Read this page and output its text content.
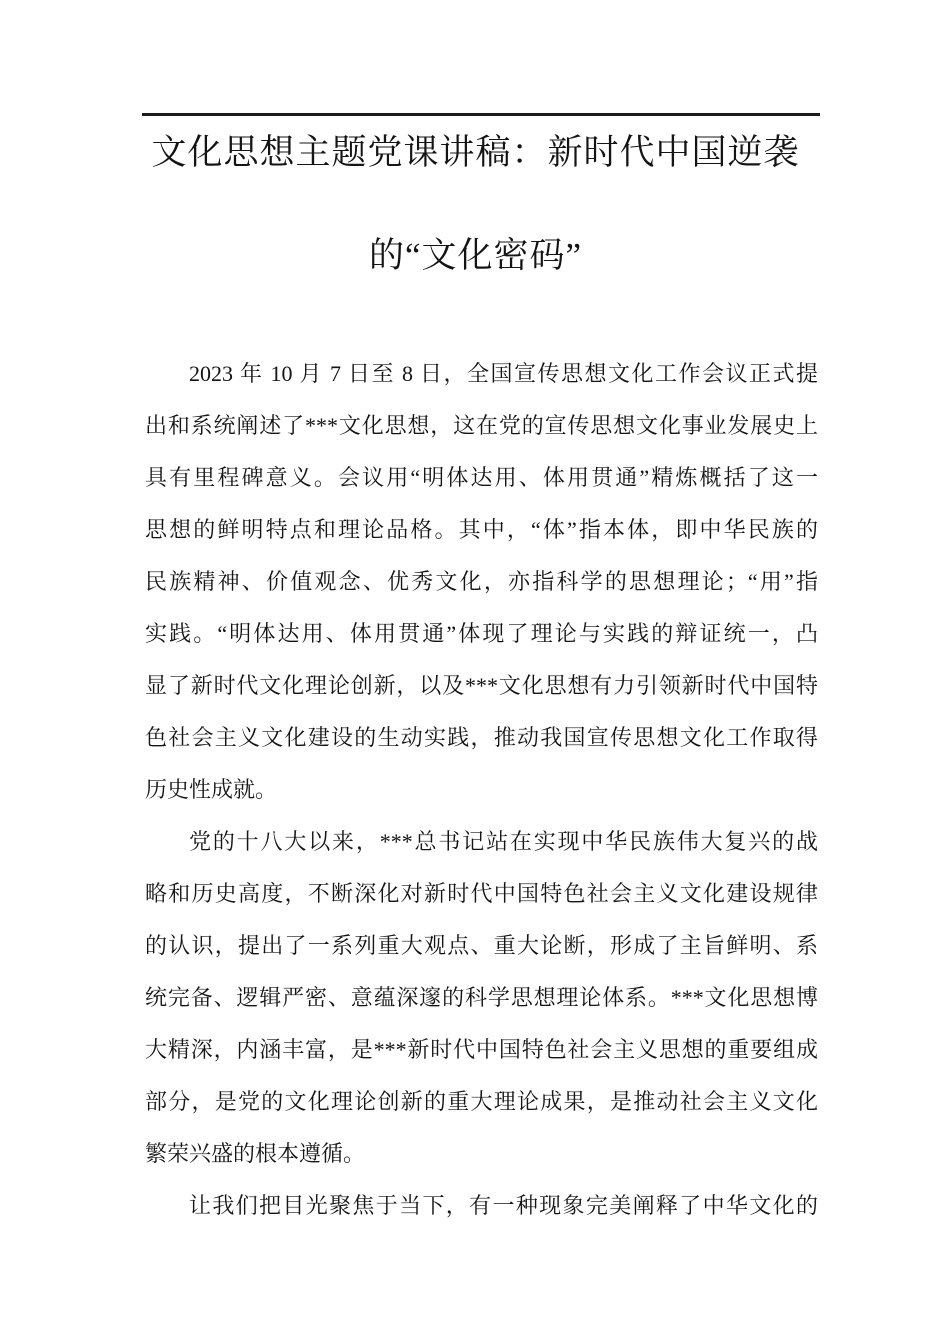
文化思想主题党课讲稿：新时代中国逆袭
的“文化密码”
2023 年 10 月 7 日至 8 日，全国宣传思想文化工作会议正式提
出和系统阐述了***文化思想，这在党的宣传思想文化事业发展史上
具有里程碑意义。会议用“明体达用、体用贯通”精炼概括了这一
思想的鲜明特点和理论品格。其中，“体”指本体，即中华民族的
民族精神、价值观念、优秀文化，亦指科学的思想理论；“用”指
实践。“明体达用、体用贯通”体现了理论与实践的辩证统一，凸
显了新时代文化理论创新，以及***文化思想有力引领新时代中国特
色社会主义文化建设的生动实践，推动我国宣传思想文化工作取得
历史性成就。
党的十八大以来，***总书记站在实现中华民族伟大复兴的战
略和历史高度，不断深化对新时代中国特色社会主义文化建设规律
的认识，提出了一系列重大观点、重大论断，形成了主旨鲜明、系
统完备、逻辑严密、意蕴深邃的科学思想理论体系。***文化思想博
大精深，内涵丰富，是***新时代中国特色社会主义思想的重要组成
部分，是党的文化理论创新的重大理论成果，是推动社会主义文化
繁荣兴盛的根本遵循。
让我们把目光聚焦于当下，有一种现象完美阐释了中华文化的
